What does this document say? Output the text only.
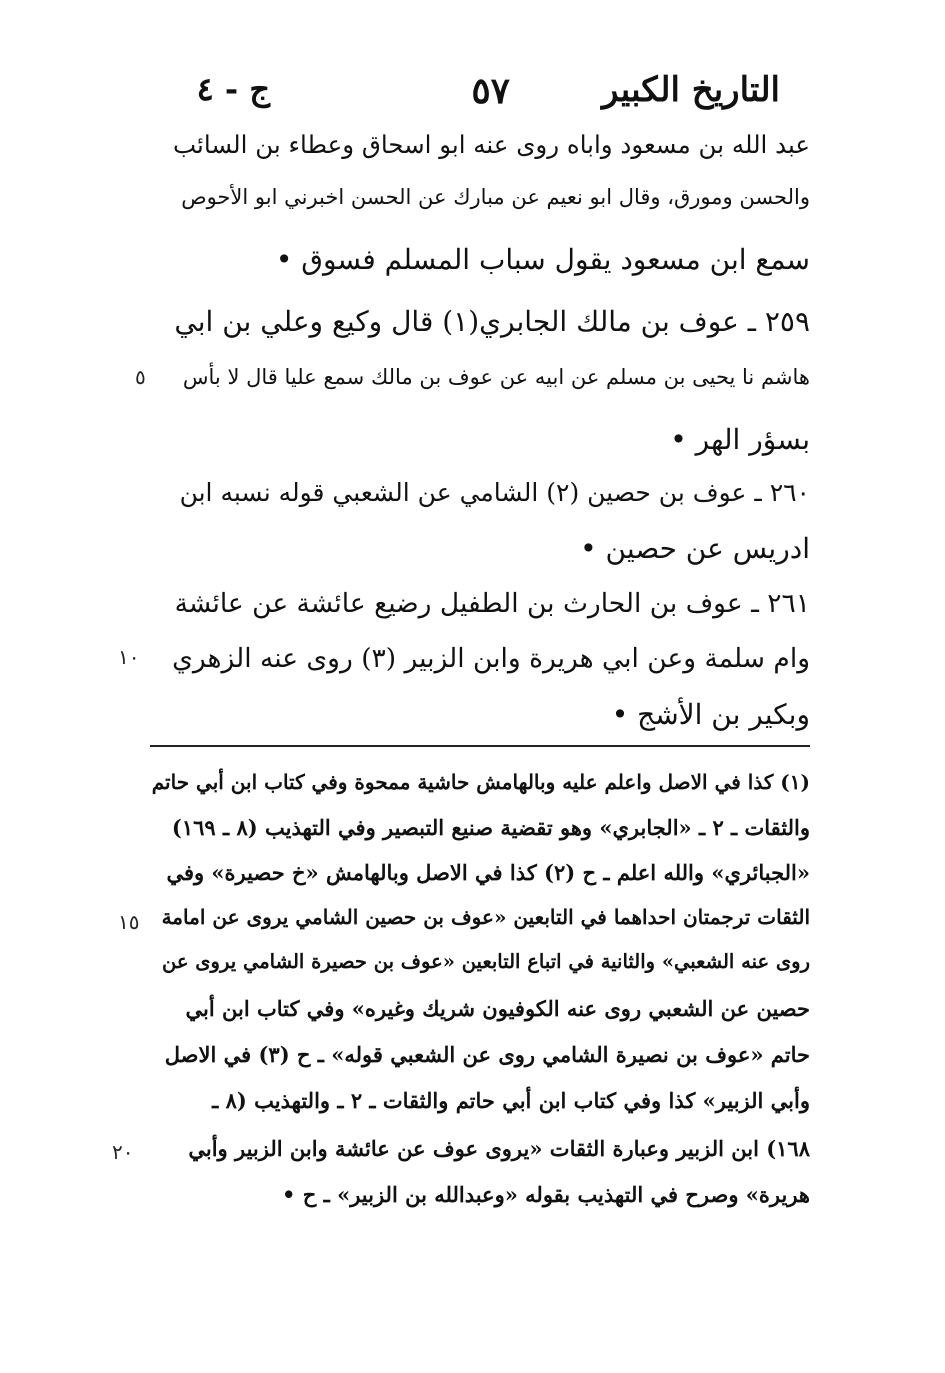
التاريخ الكبير
٥٧
ج - ٤
عبد الله بن مسعود واباه روى عنه ابو اسحاق وعطاء بن السائب
والحسن ومورق، وقال ابو نعيم عن مبارك عن الحسن اخبرني ابو الأحوص
سمع ابن مسعود يقول سباب المسلم فسوق •
٢٥٩ ـ عوف بن مالك الجابري(١) قال وكيع وعلي بن ابي
هاشم نا يحيى بن مسلم عن ابيه عن عوف بن مالك سمع عليا قال لا بأس
بسؤر الهر •
٢٦٠ ـ عوف بن حصين (٢) الشامي عن الشعبي قوله نسبه ابن
ادريس عن حصين •
٢٦١ ـ عوف بن الحارث بن الطفيل رضيع عائشة عن عائشة
وام سلمة وعن ابي هريرة وابن الزبير (٣) روى عنه الزهري
وبكير بن الأشج •
٥
١٠
(١) كذا في الاصل واعلم عليه وبالهامش حاشية ممحوة وفي كتاب ابن أبي حاتم
والثقات ـ ٢ ـ «الجابري» وهو تقضية صنيع التبصير وفي التهذيب (٨ ـ ١٦٩)
«الجبائري» والله اعلم ـ ح (٢) كذا في الاصل وبالهامش «خ حصيرة» وفي
الثقات ترجمتان احداهما في التابعين «عوف بن حصين الشامي يروى عن امامة
روى عنه الشعبي» والثانية في اتباع التابعين «عوف بن حصيرة الشامي يروى عن
حصين عن الشعبي روى عنه الكوفيون شريك وغيره» وفي كتاب ابن أبي
حاتم «عوف بن نصيرة الشامي روى عن الشعبي قوله» ـ ح (٣) في الاصل
وأبي الزبير» كذا وفي كتاب ابن أبي حاتم والثقات ـ ٢ ـ والتهذيب (٨ ـ
١٦٨) ابن الزبير وعبارة الثقات «يروى عوف عن عائشة وابن الزبير وأبي
هريرة» وصرح في التهذيب بقوله «وعبدالله بن الزبير» ـ ح •
١٥
٢٠
